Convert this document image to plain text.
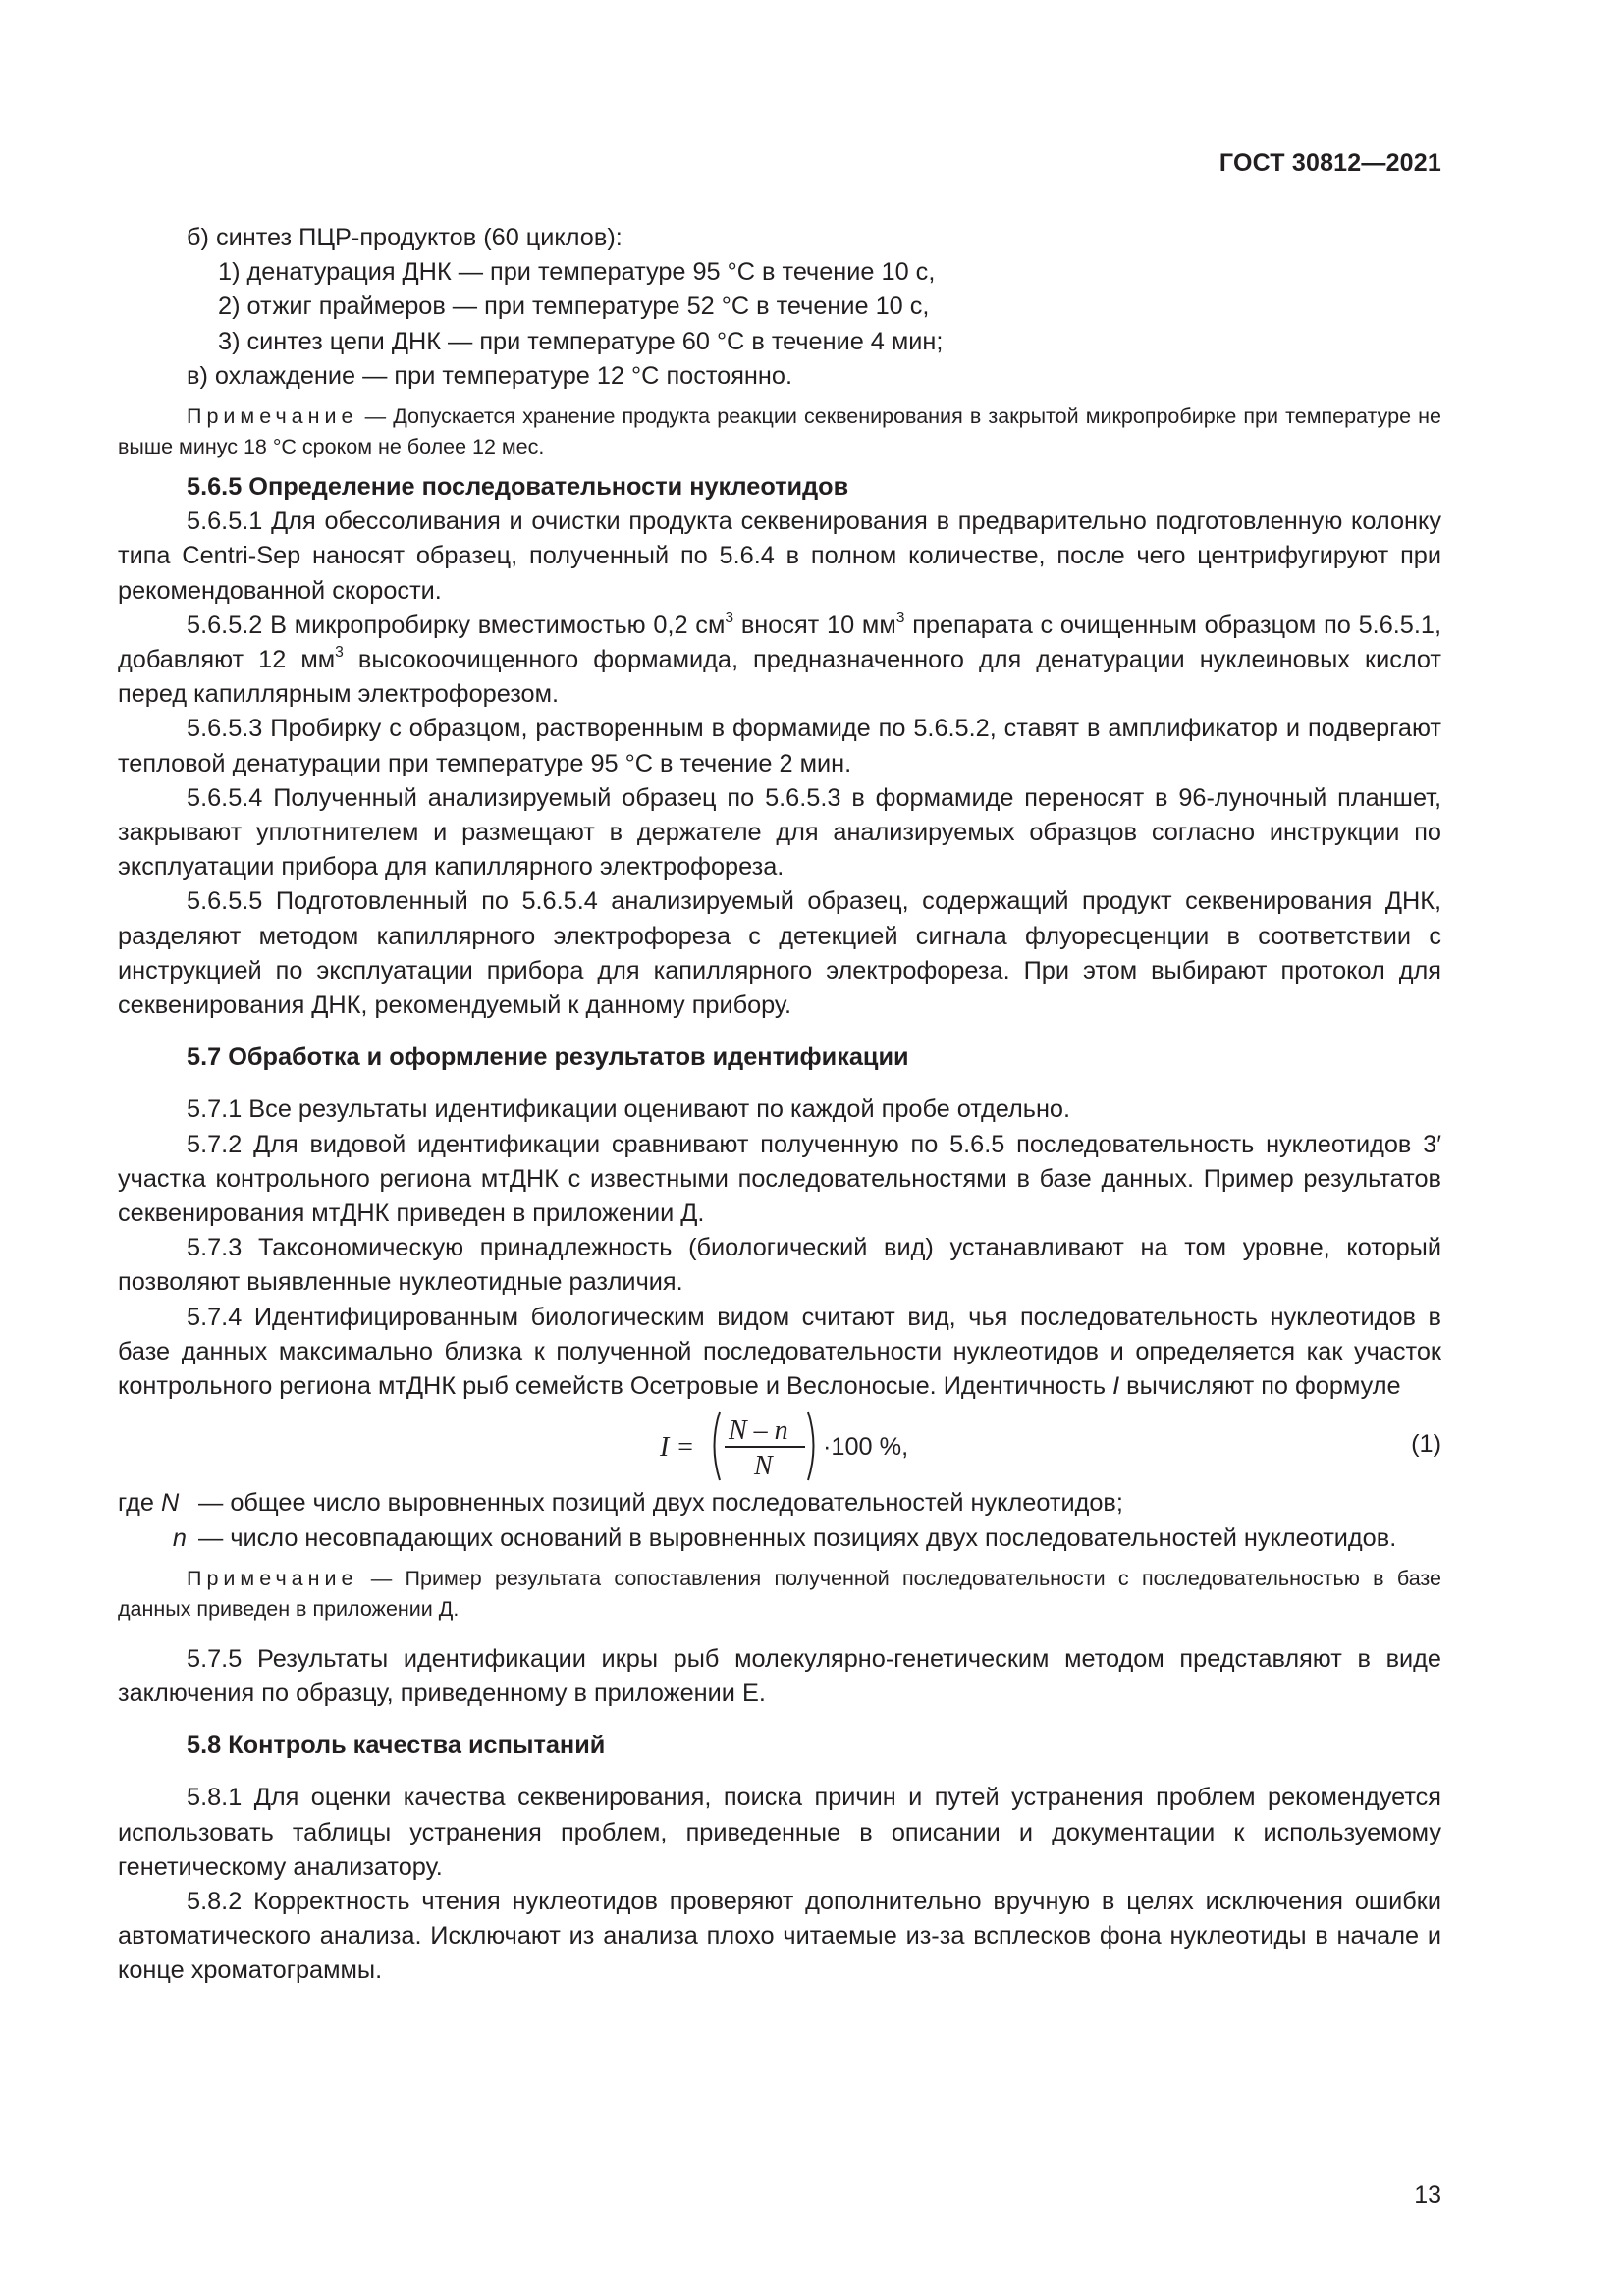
ГОСТ 30812—2021

б) синтез ПЦР-продуктов (60 циклов):

1) денатурация ДНК — при температуре 95 °С в течение 10 с,

2) отжиг праймеров — при температуре 52 °С в течение 10 с,

3) синтез цепи ДНК — при температуре 60 °С в течение 4 мин;

в) охлаждение — при температуре 12 °С постоянно.

Примечание — Допускается хранение продукта реакции секвенирования в закрытой микропробирке при температуре не выше минус 18 °С сроком не более 12 мес.

5.6.5 Определение последовательности нуклеотидов

5.6.5.1 Для обессоливания и очистки продукта секвенирования в предварительно подготовленную колонку типа Centri-Sep наносят образец, полученный по 5.6.4 в полном количестве, после чего центрифугируют при рекомендованной скорости.

5.6.5.2 В микропробирку вместимостью 0,2 $см^3$ вносят 10 $мм^3$ препарата с очищенным образцом по 5.6.5.1, добавляют 12 $мм^3$ высокоочищенного формамида, предназначенного для денатурации нуклеиновых кислот перед капиллярным электрофорезом.

5.6.5.3 Пробирку с образцом, растворенным в формамиде по 5.6.5.2, ставят в амплификатор и подвергают тепловой денатурации при температуре 95 °С в течение 2 мин.

5.6.5.4 Полученный анализируемый образец по 5.6.5.3 в формамиде переносят в 96-луночный планшет, закрывают уплотнителем и размещают в держателе для анализируемых образцов согласно инструкции по эксплуатации прибора для капиллярного электрофореза.

5.6.5.5 Подготовленный по 5.6.5.4 анализируемый образец, содержащий продукт секвенирования ДНК, разделяют методом капиллярного электрофореза с детекцией сигнала флуоресценции в соответствии с инструкцией по эксплуатации прибора для капиллярного электрофореза. При этом выбирают протокол для секвенирования ДНК, рекомендуемый к данному прибору.

5.7 Обработка и оформление результатов идентификации

5.7.1 Все результаты идентификации оценивают по каждой пробе отдельно.

5.7.2 Для видовой идентификации сравнивают полученную по 5.6.5 последовательность нуклеотидов 3′ участка контрольного региона мтДНК с известными последовательностями в базе данных. Пример результатов секвенирования мтДНК приведен в приложении Д.

5.7.3 Таксономическую принадлежность (биологический вид) устанавливают на том уровне, который позволяют выявленные нуклеотидные различия.

5.7.4 Идентифицированным биологическим видом считают вид, чья последовательность нуклеотидов в базе данных максимально близка к полученной последовательности нуклеотидов и определяется как участок контрольного региона мтДНК рыб семейств Осетровые и Веслоносые. Идентичность I вычисляют по формуле

I =
N – n
N
·100 %,	(1)
где N — общее число выровненных позиций двух последовательностей нуклеотидов;
n — число несовпадающих оснований в выровненных позициях двух последовательностей нуклеотидов.

Примечание — Пример результата сопоставления полученной последовательности с последовательностью в базе данных приведен в приложении Д.

5.7.5 Результаты идентификации икры рыб молекулярно-генетическим методом представляют в виде заключения по образцу, приведенному в приложении Е.

5.8 Контроль качества испытаний

5.8.1 Для оценки качества секвенирования, поиска причин и путей устранения проблем рекомендуется использовать таблицы устранения проблем, приведенные в описании и документации к используемому генетическому анализатору.

5.8.2 Корректность чтения нуклеотидов проверяют дополнительно вручную в целях исключения ошибки автоматического анализа. Исключают из анализа плохо читаемые из-за всплесков фона нуклеотиды в начале и конце хроматограммы.

13
